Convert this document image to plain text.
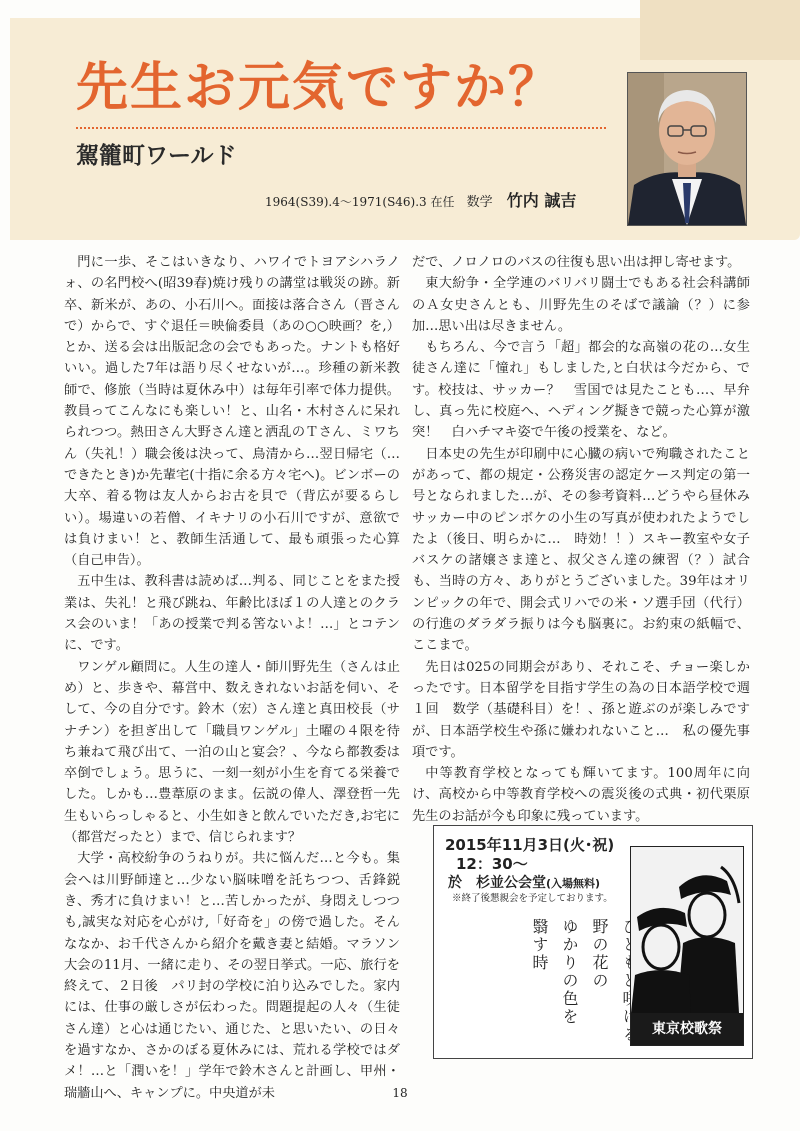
先生お元気ですか？
駕籠町ワールド
1964(S39).4～1971(S46).3 在任 数学 竹内 誠吉

門に一歩、そこはいきなり、ハワイでトヨアシハラノォ、の名門校へ(昭39春)焼け残りの講堂は戦災の跡。新卒、新米が、あの、小石川へ。面接は落合さん（晋さんで）からで、すぐ退任＝映倫委員（あの○○映画？を,）とか、送る会は出版記念の会でもあった。ナントも格好いい。過した7年は語り尽くせないが…。珍種の新米教師で、修旅（当時は夏休み中）は毎年引率で体力提供。教員ってこんなにも楽しい！と、山名・木村さんに呆れられつつ。熱田さん大野さん達と洒乱のＴさん、ミワちん（失礼！）職会後は決って、鳥清から…翌日帰宅（…できたとき)か先輩宅(十指に余る方々宅へ)。ビンボーの大卒、着る物は友人からお古を貝で（背広が要るらしい）。場違いの若僧、イキナリの小石川ですが、意欲では負けまい！と、教師生活通して、最も頑張った心算（自己申告）。

五中生は、教科書は読めば…判る、同じことをまた授業は、失礼！と飛び跳ね、年齢比ほぼ１の人達とのクラス会のいま！「あの授業で判る筈ないよ！…」とコテンに、です。

ワンゲル顧問に。人生の達人・師川野先生（さんは止め）と、歩きや、幕営中、数えきれないお話を伺い、そして、今の自分です。鈴木（宏）さん達と真田校長（サナチン）を担ぎ出して「職員ワンゲル」土曜の４限を待ち兼ねて飛び出て、一泊の山と宴会？、今なら都教委は卒倒でしょう。思うに、一刻一刻が小生を育てる栄養でした。しかも…豊葦原のまま。伝説の偉人、澤登哲一先生もいらっしゃると、小生如きと飲んでいただき,お宅に（都営だったと）まで、信じられます？

大学・高校紛争のうねりが。共に悩んだ…と今も。集会へは川野師達と…少ない脳味噌を託ちつつ、舌鋒鋭き、秀才に負けまい！と…苦しかったが、身悶えしつつも,誠実な対応を心がけ,「好奇を」の傍で過した。そんななか、お千代さんから紹介を戴き妻と結婚。マラソン大会の11月、一緒に走り、その翌日挙式。一応、旅行を終えて、２日後　パリ封の学校に泊り込みでした。家内には、仕事の厳しさが伝わった。問題提起の人々（生徒さん達）と心は通じたい、通じた、と思いたい、の日々を過すなか、さかのぼる夏休みには、荒れる学校ではダメ！…と「潤いを！」学年で鈴木さんと計画し、甲州・瑞牆山へ、キャンプに。中央道が未

だで、ノロノロのバスの往復も思い出は押し寄せます。

東大紛争・全学連のバリバリ闘士でもある社会科講師のＡ女史さんとも、川野先生のそばで議論（？）に参加…思い出は尽きません。

もちろん、今で言う「超」都会的な高嶺の花の…女生徒さん達に「憧れ」もしました,と白状は今だから、です。校技は、サッカー？　雪国では見たことも…、早弁し、真っ先に校庭へ、ヘディング擬きで競った心算が激突！　白ハチマキ姿で午後の授業を、など。

日本史の先生が印刷中に心臓の病いで殉職されたことがあって、都の規定・公務災害の認定ケース判定の第一号となられました…が、その参考資料…どうやら昼休みサッカー中のピンボケの小生の写真が使われたようでしたよ（後日、明らかに…　時効！！）スキー教室や女子バスケの諸嬢さま達と、叔父さん達の練習（？）試合も、当時の方々、ありがとうございました。39年はオリンピックの年で、開会式リハでの米・ソ選手団（代行）の行進のダラダラ振りは今も脳裏に。お約束の紙幅で、ここまで。

先日は025の同期会があり、それこそ、チョー楽しかったです。日本留学を目指す学生の為の日本語学校で週１回　数学（基礎科目）を！、孫と遊ぶのが楽しみですが、日本語学校生や孫に嫌われないこと…　私の優先事項です。

中等教育学校となっても輝いてます。100周年に向け、高校から中等教育学校への震災後の式典・初代栗原先生のお話が今も印象に残っています。

2015年11月3日(火･祝)
12：30～
於　杉並公会堂(入場無料)
※終了後懇親会を予定しております。
野の花の
ゆかりの色を
翳す時
東京校歌祭
18
